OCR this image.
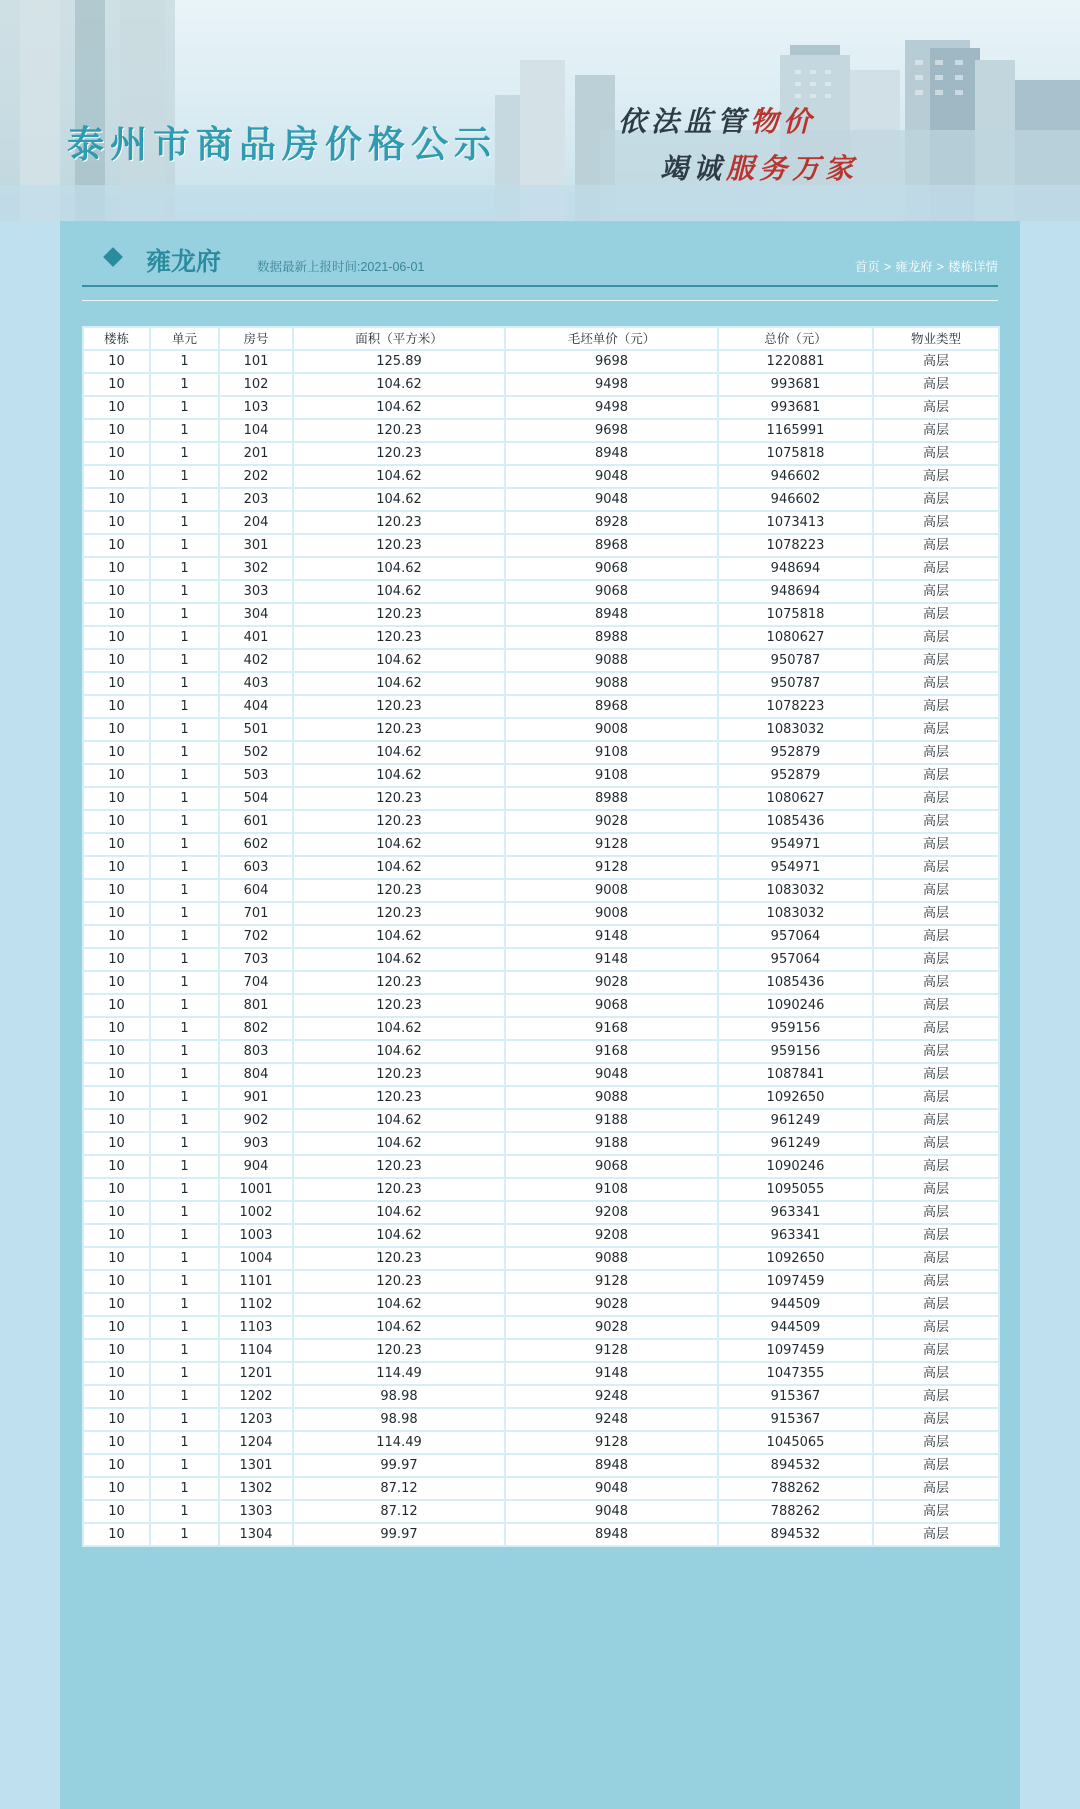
泰州市商品房价格公示
依法监管物价
竭诚服务万家
雍龙府	数据最新上报时间:2021-06-01	首页 > 雍龙府 > 楼栋详情
楼栋	单元	房号	面积（平方米）	毛坯单价（元）	总价（元）	物业类型
10	1	101	125.89	9698	1220881	高层
10	1	102	104.62	9498	993681	高层
10	1	103	104.62	9498	993681	高层
10	1	104	120.23	9698	1165991	高层
10	1	201	120.23	8948	1075818	高层
10	1	202	104.62	9048	946602	高层
10	1	203	104.62	9048	946602	高层
10	1	204	120.23	8928	1073413	高层
10	1	301	120.23	8968	1078223	高层
10	1	302	104.62	9068	948694	高层
10	1	303	104.62	9068	948694	高层
10	1	304	120.23	8948	1075818	高层
10	1	401	120.23	8988	1080627	高层
10	1	402	104.62	9088	950787	高层
10	1	403	104.62	9088	950787	高层
10	1	404	120.23	8968	1078223	高层
10	1	501	120.23	9008	1083032	高层
10	1	502	104.62	9108	952879	高层
10	1	503	104.62	9108	952879	高层
10	1	504	120.23	8988	1080627	高层
10	1	601	120.23	9028	1085436	高层
10	1	602	104.62	9128	954971	高层
10	1	603	104.62	9128	954971	高层
10	1	604	120.23	9008	1083032	高层
10	1	701	120.23	9008	1083032	高层
10	1	702	104.62	9148	957064	高层
10	1	703	104.62	9148	957064	高层
10	1	704	120.23	9028	1085436	高层
10	1	801	120.23	9068	1090246	高层
10	1	802	104.62	9168	959156	高层
10	1	803	104.62	9168	959156	高层
10	1	804	120.23	9048	1087841	高层
10	1	901	120.23	9088	1092650	高层
10	1	902	104.62	9188	961249	高层
10	1	903	104.62	9188	961249	高层
10	1	904	120.23	9068	1090246	高层
10	1	1001	120.23	9108	1095055	高层
10	1	1002	104.62	9208	963341	高层
10	1	1003	104.62	9208	963341	高层
10	1	1004	120.23	9088	1092650	高层
10	1	1101	120.23	9128	1097459	高层
10	1	1102	104.62	9028	944509	高层
10	1	1103	104.62	9028	944509	高层
10	1	1104	120.23	9128	1097459	高层
10	1	1201	114.49	9148	1047355	高层
10	1	1202	98.98	9248	915367	高层
10	1	1203	98.98	9248	915367	高层
10	1	1204	114.49	9128	1045065	高层
10	1	1301	99.97	8948	894532	高层
10	1	1302	87.12	9048	788262	高层
10	1	1303	87.12	9048	788262	高层
10	1	1304	99.97	8948	894532	高层
